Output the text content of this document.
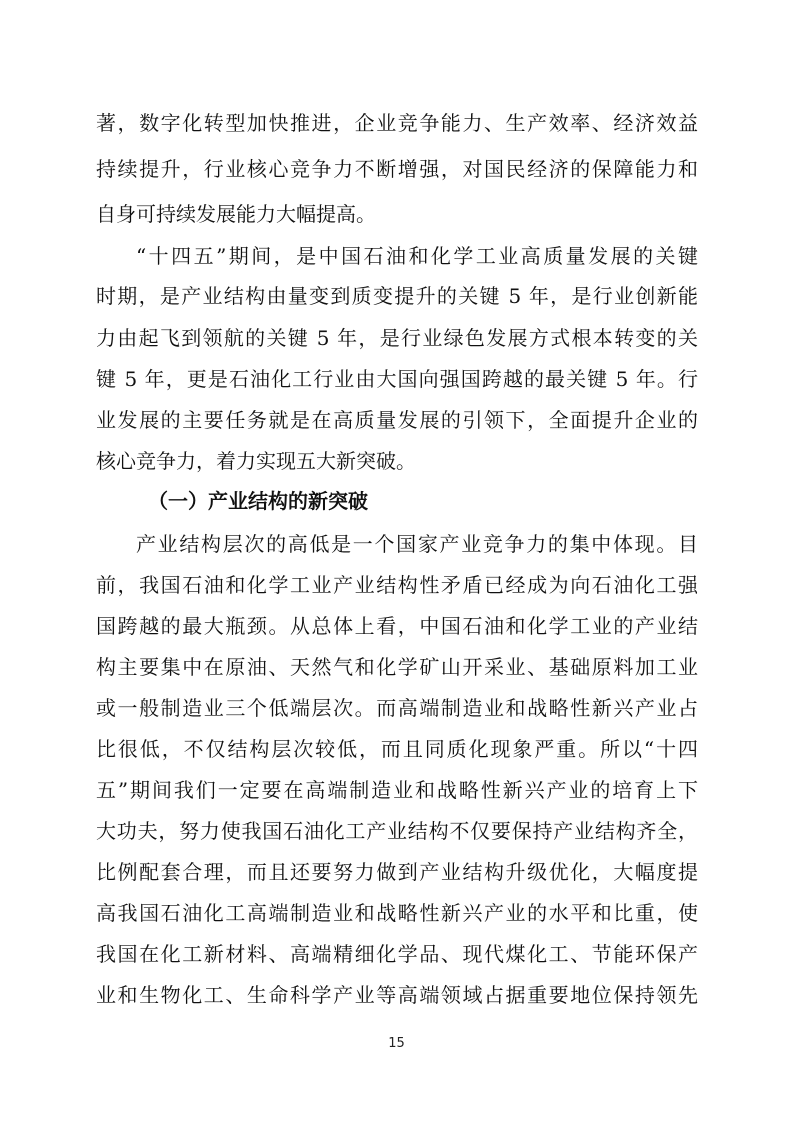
著，数字化转型加快推进，企业竞争能力、生产效率、经济效益
持续提升，行业核心竞争力不断增强，对国民经济的保障能力和
自身可持续发展能力大幅提高。
“十四五”期间，是中国石油和化学工业高质量发展的关键
时期，是产业结构由量变到质变提升的关键 5 年，是行业创新能
力由起飞到领航的关键 5 年，是行业绿色发展方式根本转变的关
键 5 年，更是石油化工行业由大国向强国跨越的最关键 5 年。行
业发展的主要任务就是在高质量发展的引领下，全面提升企业的
核心竞争力，着力实现五大新突破。
（一）产业结构的新突破
产业结构层次的高低是一个国家产业竞争力的集中体现。目
前，我国石油和化学工业产业结构性矛盾已经成为向石油化工强
国跨越的最大瓶颈。从总体上看，中国石油和化学工业的产业结
构主要集中在原油、天然气和化学矿山开采业、基础原料加工业
或一般制造业三个低端层次。而高端制造业和战略性新兴产业占
比很低，不仅结构层次较低，而且同质化现象严重。所以“十四
五”期间我们一定要在高端制造业和战略性新兴产业的培育上下
大功夫，努力使我国石油化工产业结构不仅要保持产业结构齐全，
比例配套合理，而且还要努力做到产业结构升级优化，大幅度提
高我国石油化工高端制造业和战略性新兴产业的水平和比重，使
我国在化工新材料、高端精细化学品、现代煤化工、节能环保产
业和生物化工、生命科学产业等高端领域占据重要地位保持领先
15
